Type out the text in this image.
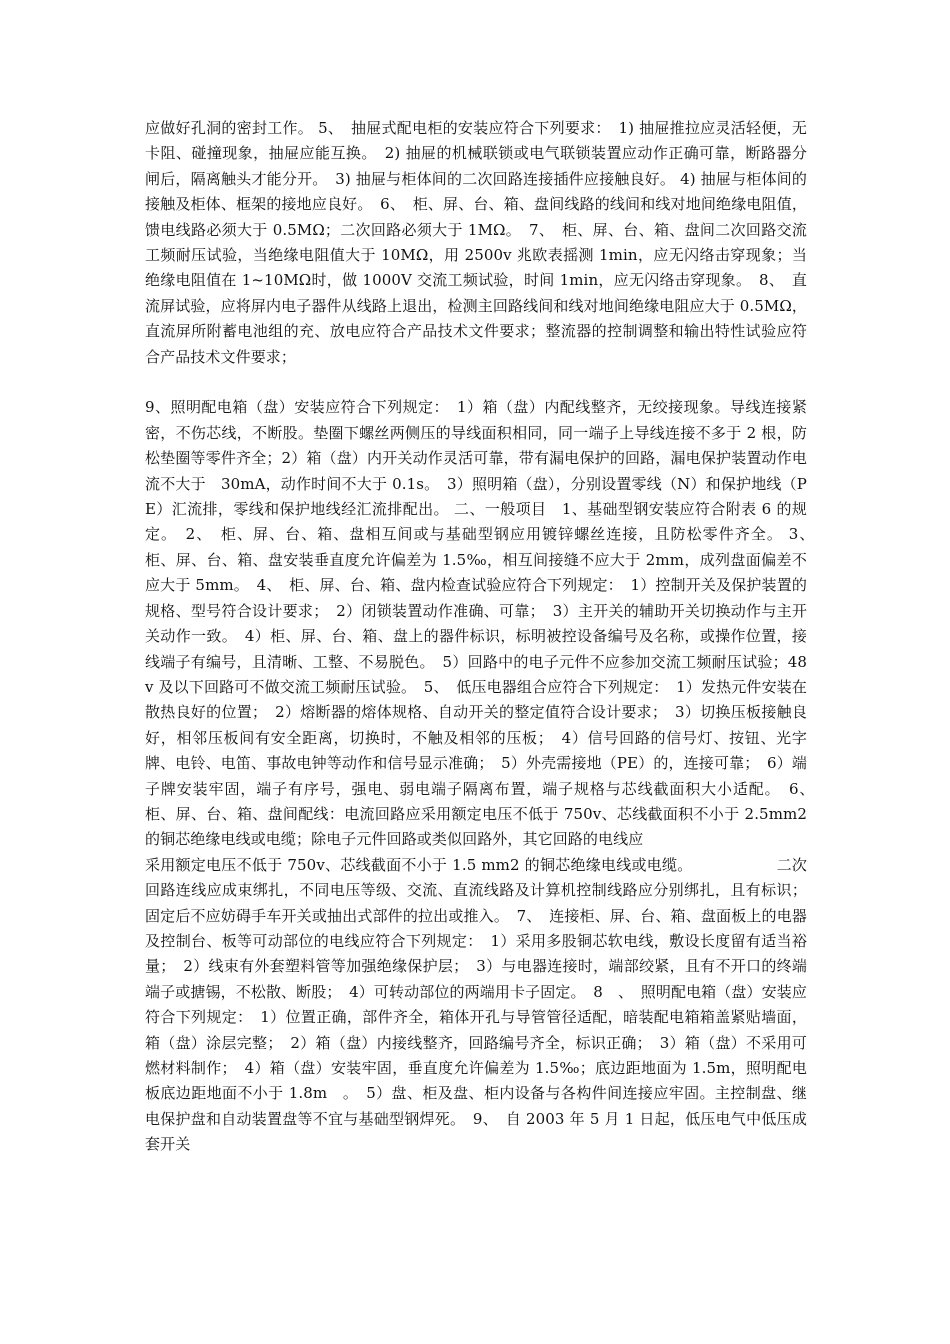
应做好孔洞的密封工作。 5、　抽屉式配电柜的安装应符合下列要求：　1) 抽屉推拉应灵活轻便，无卡阻、碰撞现象，抽屉应能互换。　2) 抽屉的机械联锁或电气联锁装置应动作正确可靠，断路器分闸后，隔离触头才能分开。　3) 抽屉与柜体间的二次回路连接插件应接触良好。 4) 抽屉与柜体间的接触及柜体、框架的接地应良好。　6、　柜、屏、台、箱、盘间线路的线间和线对地间绝缘电阻值，馈电线路必须大于 0.5MΩ；二次回路必须大于 1MΩ。　7、　柜、屏、台、箱、盘间二次回路交流工频耐压试验，当绝缘电阻值大于 10MΩ，用 2500v 兆欧表摇测 1min，应无闪络击穿现象；当绝缘电阻值在 1~10MΩ时，做 1000V 交流工频试验，时间 1min，应无闪络击穿现象。　8、　直流屏试验，应将屏内电子器件从线路上退出，检测主回路线间和线对地间绝缘电阻应大于 0.5MΩ，直流屏所附蓄电池组的充、放电应符合产品技术文件要求；整流器的控制调整和输出特性试验应符合产品技术文件要求；

9、照明配电箱（盘）安装应符合下列规定：　1）箱（盘）内配线整齐，无绞接现象。导线连接紧密，不伤芯线，不断股。垫圈下螺丝两侧压的导线面积相同，同一端子上导线连接不多于 2 根，防松垫圈等零件齐全；2）箱（盘）内开关动作灵活可靠，带有漏电保护的回路，漏电保护装置动作电流不大于　30mA，动作时间不大于 0.1s。　3）照明箱（盘），分别设置零线（N）和保护地线（PE）汇流排，零线和保护地线经汇流排配出。 二、一般项目　1、基础型钢安装应符合附表 6 的规定。　2、　柜、屏、台、箱、盘相互间或与基础型钢应用镀锌螺丝连接，且防松零件齐全。 3、　柜、屏、台、箱、盘安装垂直度允许偏差为 1.5‰，相互间接缝不应大于 2mm，成列盘面偏差不应大于 5mm。　4、　柜、屏、台、箱、盘内检查试验应符合下列规定：　1）控制开关及保护装置的规格、型号符合设计要求；　2）闭锁装置动作准确、可靠；　3）主开关的辅助开关切换动作与主开关动作一致。　4）柜、屏、台、箱、盘上的器件标识，标明被控设备编号及名称，或操作位置，接线端子有编号，且清晰、工整、不易脱色。　5）回路中的电子元件不应参加交流工频耐压试验；48v 及以下回路可不做交流工频耐压试验。　5、　低压电器组合应符合下列规定：　1）发热元件安装在散热良好的位置；　2）熔断器的熔体规格、自动开关的整定值符合设计要求；　3）切换压板接触良好，相邻压板间有安全距离，切换时，不触及相邻的压板；　4）信号回路的信号灯、按钮、光字牌、电铃、电笛、事故电钟等动作和信号显示准确；　5）外壳需接地（PE）的，连接可靠；　6）端子牌安装牢固，端子有序号，强电、弱电端子隔离布置，端子规格与芯线截面积大小适配。　6、　柜、屏、台、箱、盘间配线：电流回路应采用额定电压不低于 750v、芯线截面积不小于 2.5mm2 的铜芯绝缘电线或电缆；除电子元件回路或类似回路外，其它回路的电线应

采用额定电压不低于 750v、芯线截面不小于 1.5 mm2 的铜芯绝缘电线或电缆。　　　　　　二次回路连线应成束绑扎，不同电压等级、交流、直流线路及计算机控制线路应分别绑扎，且有标识；固定后不应妨碍手车开关或抽出式部件的拉出或推入。　7、　连接柜、屏、台、箱、盘面板上的电器及控制台、板等可动部位的电线应符合下列规定：　1）采用多股铜芯软电线，敷设长度留有适当裕量；　2）线束有外套塑料管等加强绝缘保护层；　3）与电器连接时，端部绞紧，且有不开口的终端端子或搪锡，不松散、断股；　4）可转动部位的两端用卡子固定。　8　、　照明配电箱（盘）安装应符合下列规定：　1）位置正确，部件齐全，箱体开孔与导管管径适配，暗装配电箱箱盖紧贴墙面，箱（盘）涂层完整；　2）箱（盘）内接线整齐，回路编号齐全，标识正确；　3）箱（盘）不采用可燃材料制作；　4）箱（盘）安装牢固，垂直度允许偏差为 1.5‰；底边距地面为 1.5m，照明配电板底边距地面不小于 1.8m　。　5）盘、柜及盘、柜内设备与各构件间连接应牢固。主控制盘、继电保护盘和自动装置盘等不宜与基础型钢焊死。　9、　自 2003 年 5 月 1 日起，低压电气中低压成套开关
